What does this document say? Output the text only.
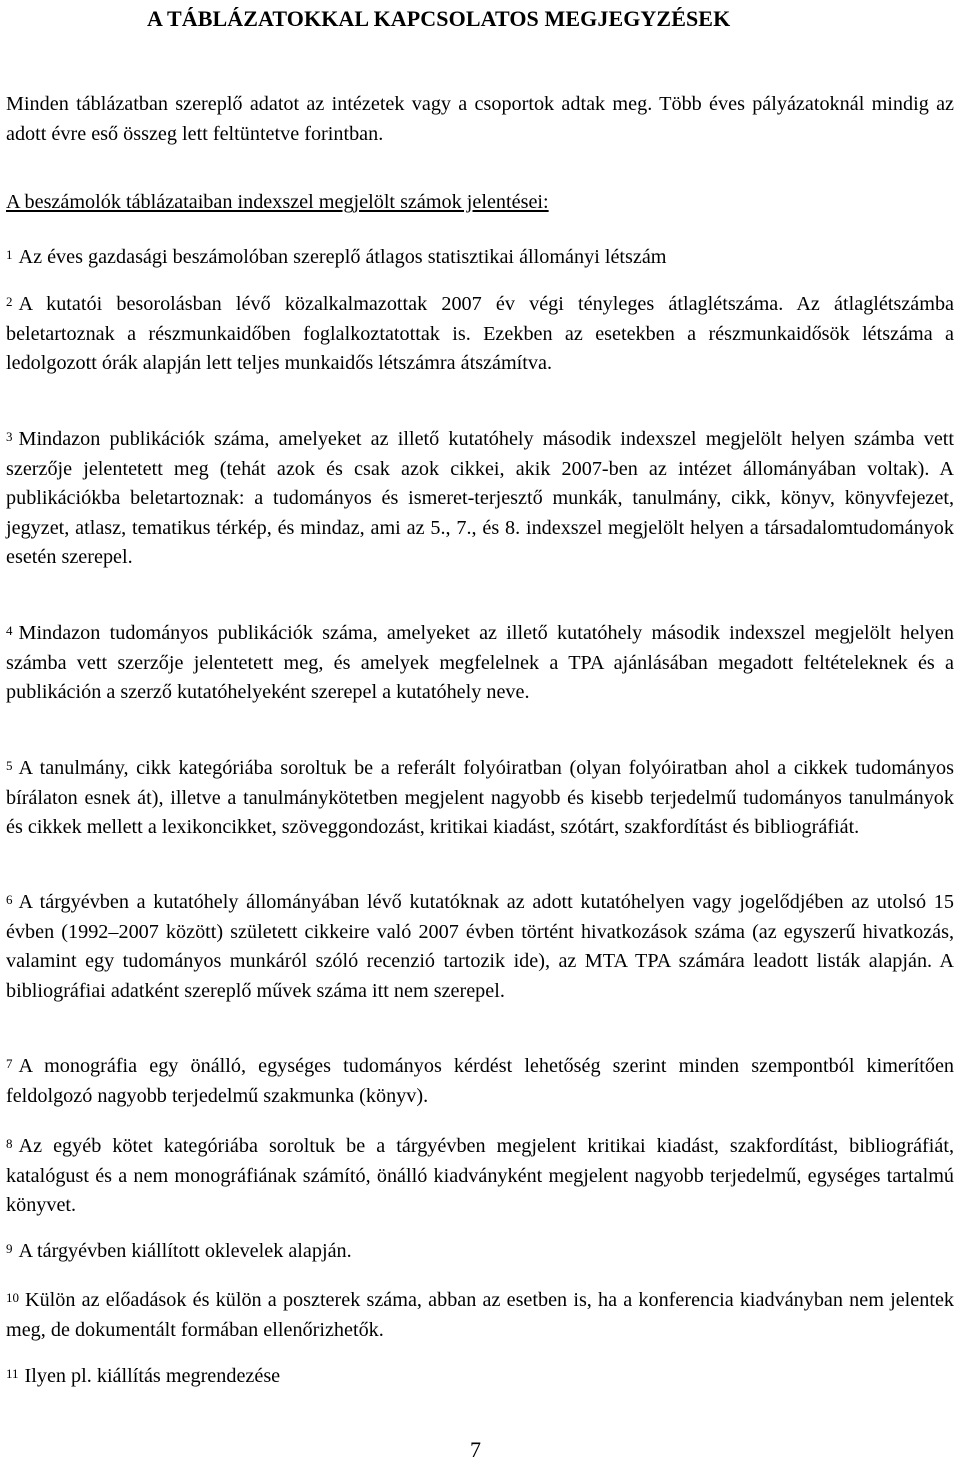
A TÁBLÁZATOKKAL KAPCSOLATOS MEGJEGYZÉSEK

Minden táblázatban szereplő adatot az intézetek vagy a csoportok adtak meg. Több éves pályázatoknál mindig az adott évre eső összeg lett feltüntetve forintban.

A beszámolók táblázataiban indexszel megjelölt számok jelentései:

$^1$ Az éves gazdasági beszámolóban szereplő átlagos statisztikai állományi létszám

$^2$ A kutatói besorolásban lévő közalkalmazottak 2007 év végi tényleges átlaglétszáma. Az átlaglétszámba beletartoznak a részmunkaidőben foglalkoztatottak is. Ezekben az esetekben a részmunkaidősök létszáma a ledolgozott órák alapján lett teljes munkaidős létszámra átszámítva.

$^3$ Mindazon publikációk száma, amelyeket az illető kutatóhely második indexszel megjelölt helyen számba vett szerzője jelentetett meg (tehát azok és csak azok cikkei, akik 2007-ben az intézet állományában voltak). A publikációkba beletartoznak: a tudományos és ismeret-terjesztő munkák, tanulmány, cikk, könyv, könyvfejezet, jegyzet, atlasz, tematikus térkép, és mindaz, ami az 5., 7., és 8. indexszel megjelölt helyen a társadalomtudományok esetén szerepel.

$^4$ Mindazon tudományos publikációk száma, amelyeket az illető kutatóhely második indexszel megjelölt helyen számba vett szerzője jelentetett meg, és amelyek megfelelnek a TPA ajánlásában megadott feltételeknek és a publikáción a szerző kutatóhelyeként szerepel a kutatóhely neve.

$^5$ A tanulmány, cikk kategóriába soroltuk be a referált folyóiratban (olyan folyóiratban ahol a cikkek tudományos bírálaton esnek át), illetve a tanulmánykötetben megjelent nagyobb és kisebb terjedelmű tudományos tanulmányok és cikkek mellett a lexikoncikket, szöveggondozást, kritikai kiadást, szótárt, szakfordítást és bibliográfiát.

$^6$ A tárgyévben a kutatóhely állományában lévő kutatóknak az adott kutatóhelyen vagy jogelődjében az utolsó 15 évben (1992–2007 között) született cikkeire való 2007 évben történt hivatkozások száma (az egyszerű hivatkozás, valamint egy tudományos munkáról szóló recenzió tartozik ide), az MTA TPA számára leadott listák alapján. A bibliográfiai adatként szereplő művek száma itt nem szerepel.

$^7$ A monográfia egy önálló, egységes tudományos kérdést lehetőség szerint minden szempontból kimerítően feldolgozó nagyobb terjedelmű szakmunka (könyv).

$^8$ Az egyéb kötet kategóriába soroltuk be a tárgyévben megjelent kritikai kiadást, szakfordítást, bibliográfiát, katalógust és a nem monográfiának számító, önálló kiadványként megjelent nagyobb terjedelmű, egységes tartalmú könyvet.

$^9$ A tárgyévben kiállított oklevelek alapján.

$^{10}$ Külön az előadások és külön a poszterek száma, abban az esetben is, ha a konferencia kiadványban nem jelentek meg, de dokumentált formában ellenőrizhetők.

$^{11}$ Ilyen pl. kiállítás megrendezése

7
